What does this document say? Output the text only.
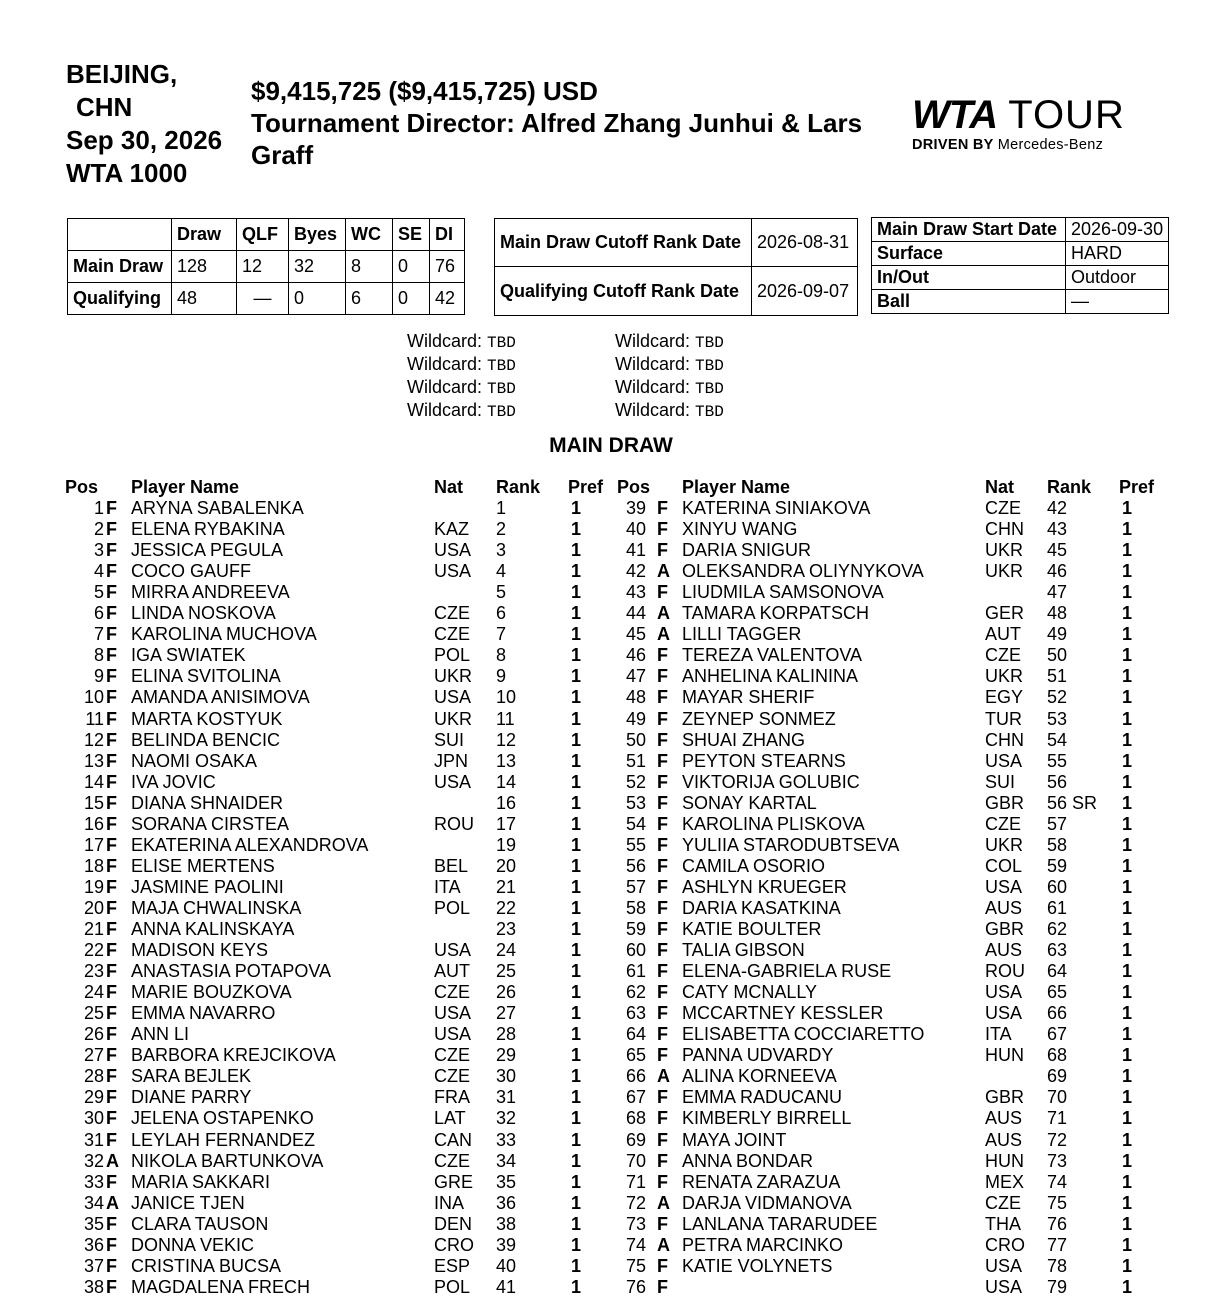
BEIJING,
CHN
Sep 30, 2026
WTA 1000
$9,415,725 ($9,415,725) USD
Tournament Director: Alfred Zhang Junhui & Lars Graff
WTA TOUR
DRIVEN BY Mercedes-Benz
	Draw	QLF	Byes	WC	SE	DI
Main Draw	128	12	32	8	0	76
Qualifying	48	—	0	6	0	42
Main Draw Cutoff Rank Date	2026-08-31
Qualifying Cutoff Rank Date	2026-09-07
Main Draw Start Date	2026-09-30
Surface	HARD
In/Out	Outdoor
Ball	—
Wildcard: TBD
Wildcard: TBD
Wildcard: TBD
Wildcard: TBD
Wildcard: TBD
Wildcard: TBD
Wildcard: TBD
Wildcard: TBD
MAIN DRAW
Pos Player Name	Nat Rank Pref
1 F ARYNA SABALENKA	1	1
2 F ELENA RYBAKINA	KAZ 2	1
3 F JESSICA PEGULA	USA 3	1
4 F COCO GAUFF	USA 4	1
5 F MIRRA ANDREEVA	5	1
6 F LINDA NOSKOVA	CZE 6	1
7 F KAROLINA MUCHOVA	CZE 7	1
8 F IGA SWIATEK	POL 8	1
9 F ELINA SVITOLINA	UKR 9	1
10 F AMANDA ANISIMOVA	USA 10	1
11 F MARTA KOSTYUK	UKR 11	1
12 F BELINDA BENCIC	SUI 12	1
13 F NAOMI OSAKA	JPN 13	1
14 F IVA JOVIC	USA 14	1
15 F DIANA SHNAIDER	16	1
16 F SORANA CIRSTEA	ROU 17	1
17 F EKATERINA ALEXANDROVA	19	1
18 F ELISE MERTENS	BEL 20	1
19 F JASMINE PAOLINI	ITA 21	1
20 F MAJA CHWALINSKA	POL 22	1
21 F ANNA KALINSKAYA	23	1
22 F MADISON KEYS	USA 24	1
23 F ANASTASIA POTAPOVA	AUT 25	1
24 F MARIE BOUZKOVA	CZE 26	1
25 F EMMA NAVARRO	USA 27	1
26 F ANN LI	USA 28	1
27 F BARBORA KREJCIKOVA	CZE 29	1
28 F SARA BEJLEK	CZE 30	1
29 F DIANE PARRY	FRA 31	1
30 F JELENA OSTAPENKO	LAT 32	1
31 F LEYLAH FERNANDEZ	CAN 33	1
32 A NIKOLA BARTUNKOVA	CZE 34	1
33 F MARIA SAKKARI	GRE 35	1
34 A JANICE TJEN	INA 36	1
35 F CLARA TAUSON	DEN 38	1
36 F DONNA VEKIC	CRO 39	1
37 F CRISTINA BUCSA	ESP 40	1
38 F MAGDALENA FRECH	POL 41	1
Pos Player Name	Nat Rank Pref
39 F KATERINA SINIAKOVA	CZE 42	1
40 F XINYU WANG	CHN 43	1
41 F DARIA SNIGUR	UKR 45	1
42 A OLEKSANDRA OLIYNYKOVA	UKR 46	1
43 F LIUDMILA SAMSONOVA	47	1
44 A TAMARA KORPATSCH	GER 48	1
45 A LILLI TAGGER	AUT 49	1
46 F TEREZA VALENTOVA	CZE 50	1
47 F ANHELINA KALININA	UKR 51	1
48 F MAYAR SHERIF	EGY 52	1
49 F ZEYNEP SONMEZ	TUR 53	1
50 F SHUAI ZHANG	CHN 54	1
51 F PEYTON STEARNS	USA 55	1
52 F VIKTORIJA GOLUBIC	SUI 56	1
53 F SONAY KARTAL	GBR 56 SR 1
54 F KAROLINA PLISKOVA	CZE 57	1
55 F YULIIA STARODUBTSEVA	UKR 58	1
56 F CAMILA OSORIO	COL 59	1
57 F ASHLYN KRUEGER	USA 60	1
58 F DARIA KASATKINA	AUS 61	1
59 F KATIE BOULTER	GBR 62	1
60 F TALIA GIBSON	AUS 63	1
61 F ELENA-GABRIELA RUSE	ROU 64	1
62 F CATY MCNALLY	USA 65	1
63 F MCCARTNEY KESSLER	USA 66	1
64 F ELISABETTA COCCIARETTO	ITA 67	1
65 F PANNA UDVARDY	HUN 68	1
66 A ALINA KORNEEVA	69	1
67 F EMMA RADUCANU	GBR 70	1
68 F KIMBERLY BIRRELL	AUS 71	1
69 F MAYA JOINT	AUS 72	1
70 F ANNA BONDAR	HUN 73	1
71 F RENATA ZARAZUA	MEX 74	1
72 A DARJA VIDMANOVA	CZE 75	1
73 F LANLANA TARARUDEE	THA 76	1
74 A PETRA MARCINKO	CRO 77	1
75 F KATIE VOLYNETS	USA 78	1
76 F	USA 79	1
